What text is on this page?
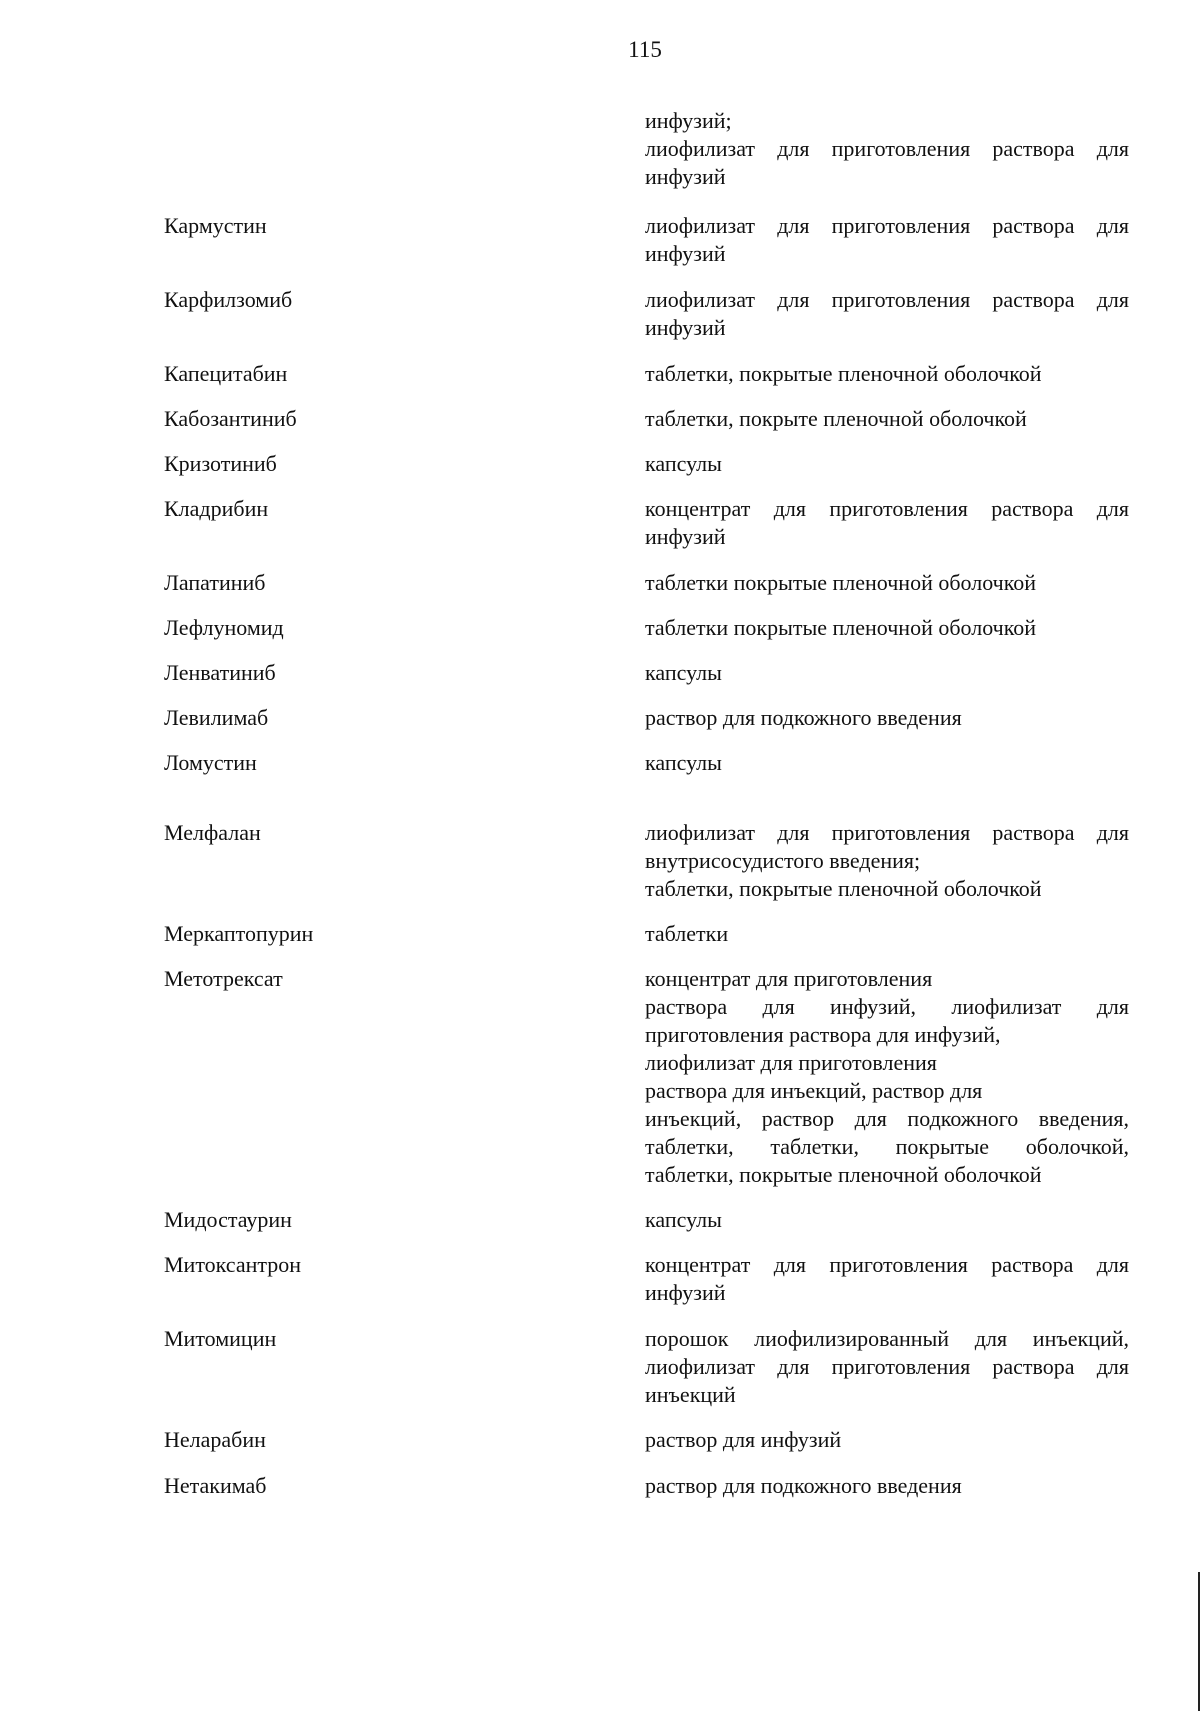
115
инфузий;
лиофилизат для приготовления раствора для
инфузий
Кармустин	лиофилизат для приготовления раствора для
инфузий
Карфилзомиб	лиофилизат для приготовления раствора для
инфузий
Капецитабин	таблетки, покрытые пленочной оболочкой
Кабозантиниб	таблетки, покрыте пленочной оболочкой
Кризотиниб	капсулы
Кладрибин	концентрат для приготовления раствора для
инфузий
Лапатиниб	таблетки покрытые пленочной оболочкой
Лефлуномид	таблетки покрытые пленочной оболочкой
Ленватиниб	капсулы
Левилимаб	раствор для подкожного введения
Ломустин	капсулы
Мелфалан	лиофилизат для приготовления раствора для
внутрисосудистого введения;
таблетки, покрытые пленочной оболочкой
Меркаптопурин	таблетки
Метотрексат	концентрат для приготовления
раствора для инфузий, лиофилизат для
приготовления раствора для инфузий,
лиофилизат для приготовления
раствора для инъекций, раствор для
инъекций, раствор для подкожного введения,
таблетки, таблетки, покрытые оболочкой,
таблетки, покрытые пленочной оболочкой
Мидостаурин	капсулы
Митоксантрон	концентрат для приготовления раствора для
инфузий
Митомицин	порошок лиофилизированный для инъекций,
лиофилизат для приготовления раствора для
инъекций
Неларабин	раствор для инфузий
Нетакимаб	раствор для подкожного введения
